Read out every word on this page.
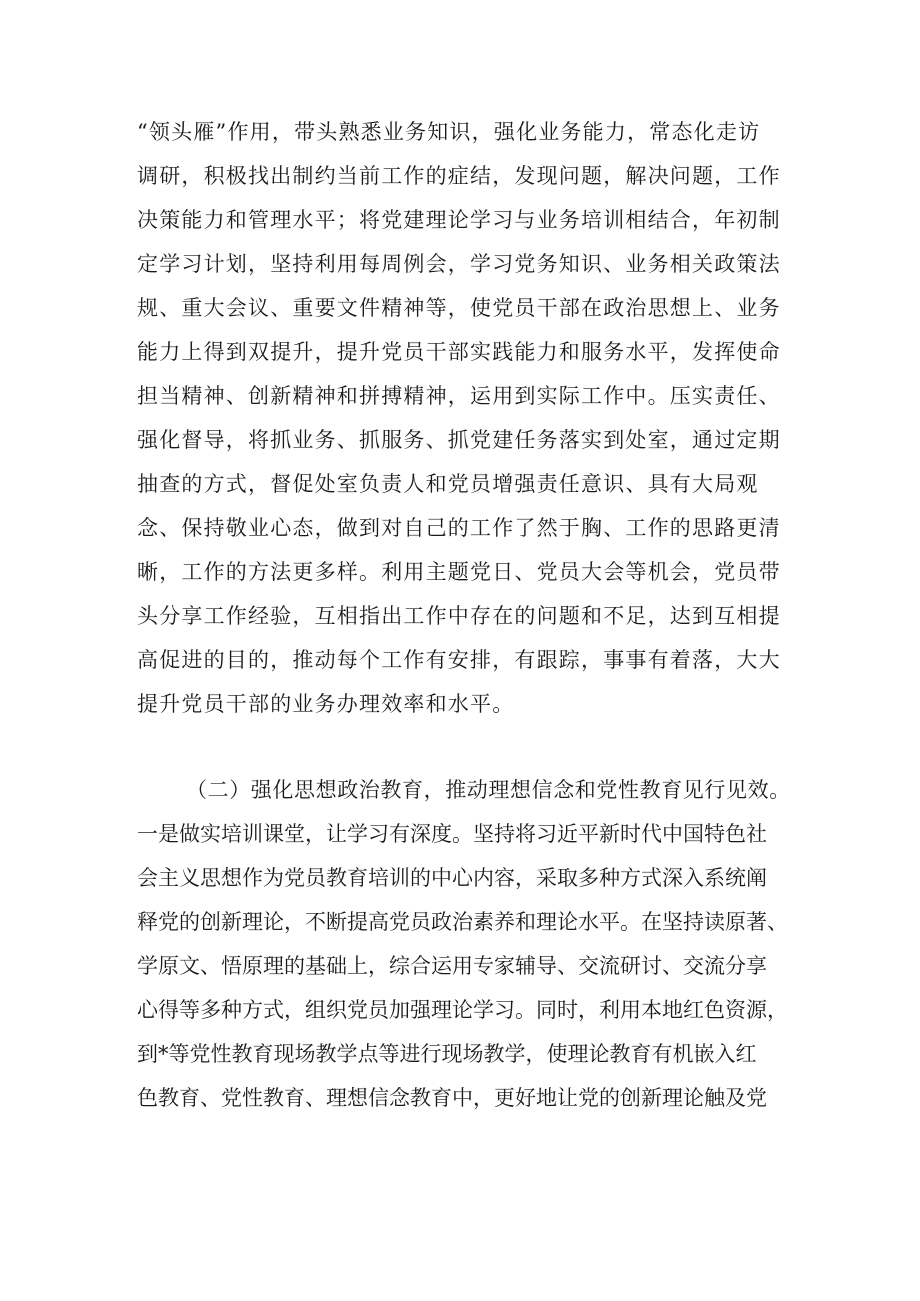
“领头雁”作用，带头熟悉业务知识，强化业务能力，常态化走访
调研，积极找出制约当前工作的症结，发现问题，解决问题，工作
决策能力和管理水平；将党建理论学习与业务培训相结合，年初制
定学习计划，坚持利用每周例会，学习党务知识、业务相关政策法
规、重大会议、重要文件精神等，使党员干部在政治思想上、业务
能力上得到双提升，提升党员干部实践能力和服务水平，发挥使命
担当精神、创新精神和拼搏精神，运用到实际工作中。压实责任、
强化督导，将抓业务、抓服务、抓党建任务落实到处室，通过定期
抽查的方式，督促处室负责人和党员增强责任意识、具有大局观
念、保持敬业心态，做到对自己的工作了然于胸、工作的思路更清
晰，工作的方法更多样。利用主题党日、党员大会等机会，党员带
头分享工作经验，互相指出工作中存在的问题和不足，达到互相提
高促进的目的，推动每个工作有安排，有跟踪，事事有着落，大大
提升党员干部的业务办理效率和水平。
（二）强化思想政治教育，推动理想信念和党性教育见行见效。
一是做实培训课堂，让学习有深度。坚持将习近平新时代中国特色社
会主义思想作为党员教育培训的中心内容，采取多种方式深入系统阐
释党的创新理论，不断提高党员政治素养和理论水平。在坚持读原著、
学原文、悟原理的基础上，综合运用专家辅导、交流研讨、交流分享
心得等多种方式，组织党员加强理论学习。同时，利用本地红色资源，
到*等党性教育现场教学点等进行现场教学，使理论教育有机嵌入红
色教育、党性教育、理想信念教育中，更好地让党的创新理论触及党
